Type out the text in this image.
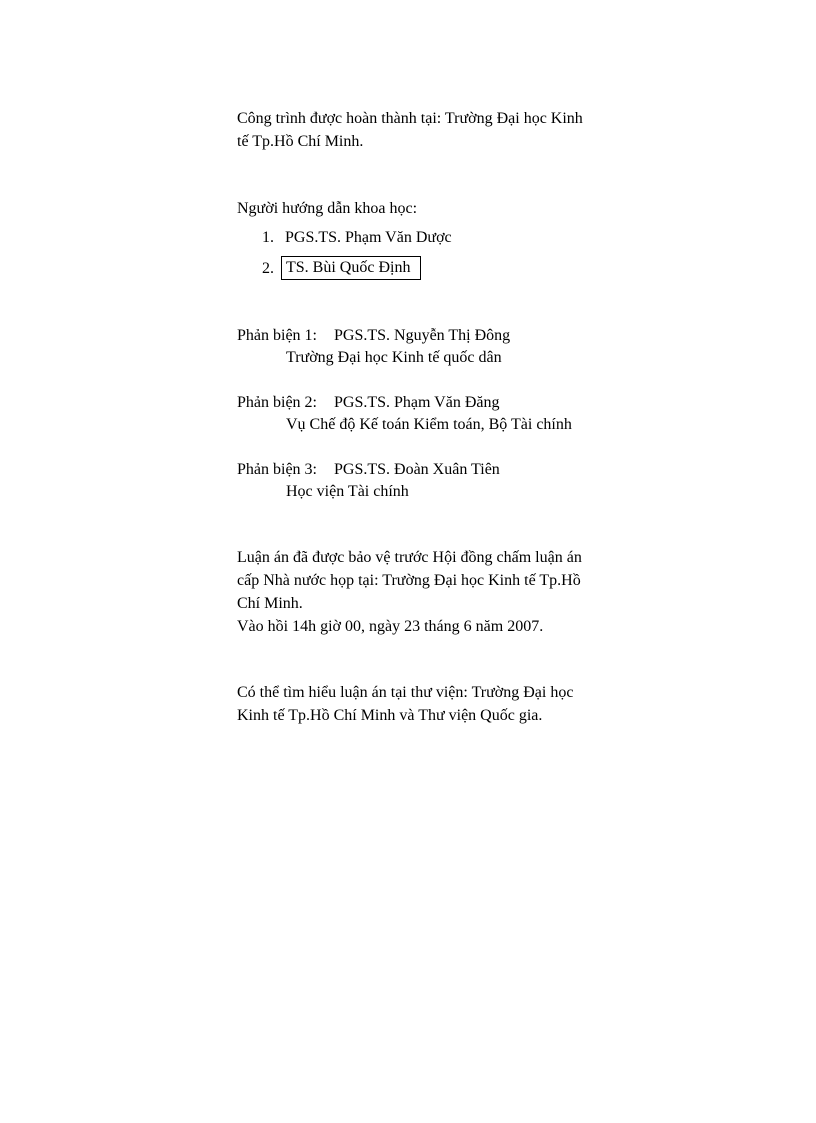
Công trình được hoàn thành tại: Trường Đại học Kinh
tế Tp.Hồ Chí Minh.
Người hướng dẫn khoa học:
1. PGS.TS. Phạm Văn Dược
2. TS. Bùi Quốc Định
Phản biện 1: PGS.TS. Nguyễn Thị Đông
Trường Đại học Kinh tế quốc dân
Phản biện 2: PGS.TS. Phạm Văn Đăng
Vụ Chế độ Kế toán Kiểm toán, Bộ Tài chính
Phản biện 3: PGS.TS. Đoàn Xuân Tiên
Học viện Tài chính
Luận án đã được bảo vệ trước Hội đồng chấm luận án
cấp Nhà nước họp tại: Trường Đại học Kinh tế Tp.Hồ
Chí Minh.
Vào hồi 14h giờ 00, ngày 23 tháng 6 năm 2007.
Có thể tìm hiểu luận án tại thư viện: Trường Đại học
Kinh tế Tp.Hồ Chí Minh và Thư viện Quốc gia.
